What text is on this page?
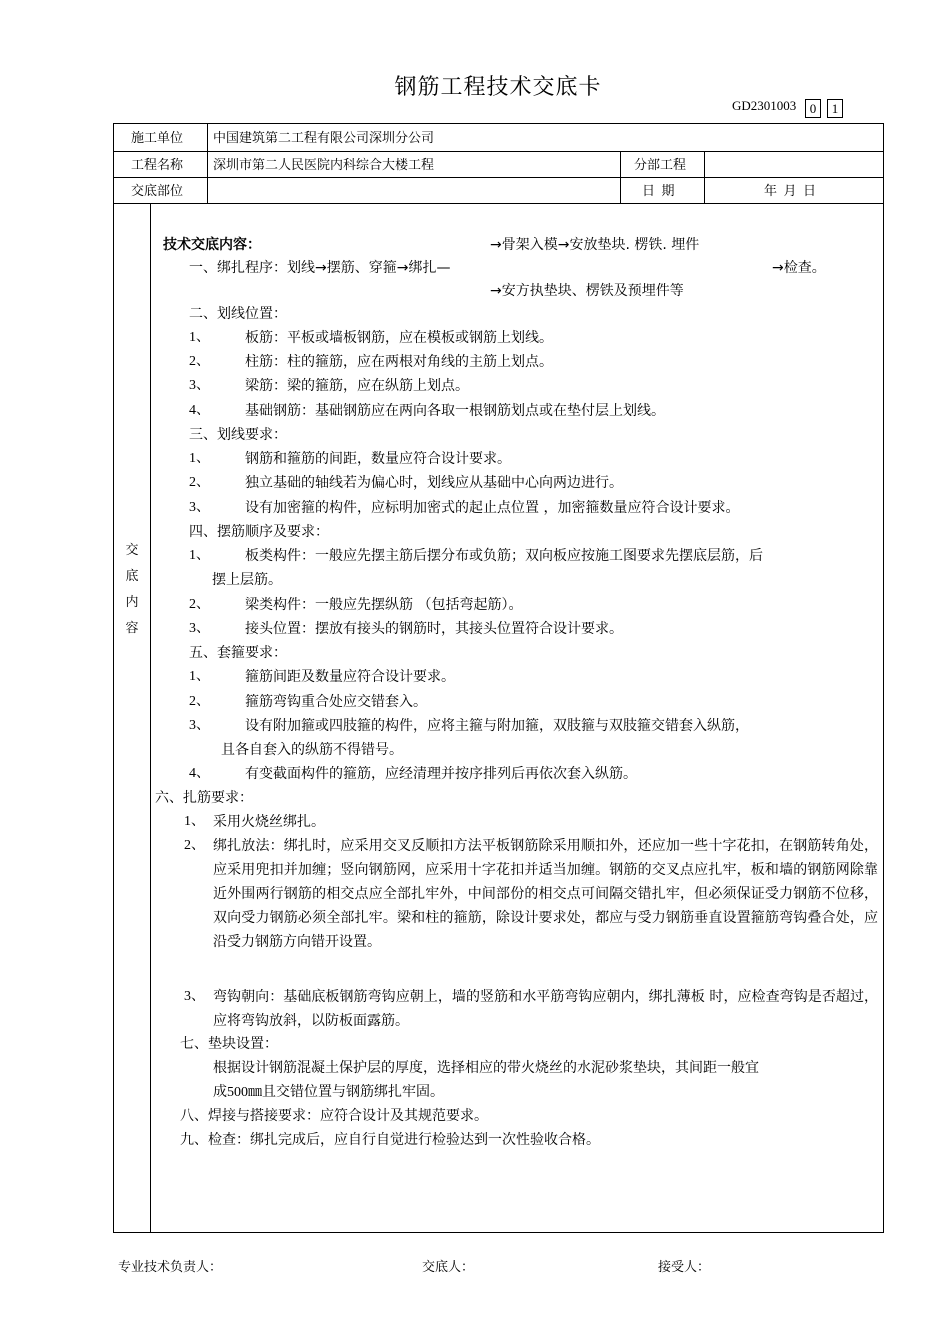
钢筋工程技术交底卡
GD2301003	0	1
施工单位 中国建筑第二工程有限公司深圳分公司
工程名称 深圳市第二人民医院内科综合大楼工程	分部工程
交底部位	日  期	年  月  日
交
底
内
容
技术交底内容：	→骨架入模→安放垫块. 楞铁. 埋件
一、绑扎程序：划线→摆筋、穿箍→绑扎—	→检查。
→安方执垫块、楞铁及预埋件等
二、划线位置：
1、	板筋：平板或墙板钢筋，应在模板或钢筋上划线。
2、	柱筋：柱的箍筋，应在两根对角线的主筋上划点。
3、	梁筋：梁的箍筋，应在纵筋上划点。
4、	基础钢筋：基础钢筋应在两向各取一根钢筋划点或在垫付层上划线。
三、划线要求：
1、	钢筋和箍筋的间距，数量应符合设计要求。
2、	独立基础的轴线若为偏心时，划线应从基础中心向两边进行。
3、	设有加密箍的构件，应标明加密式的起止点位置 ，加密箍数量应符合设计要求。
四、摆筋顺序及要求：
1、	板类构件：一般应先摆主筋后摆分布或负筋；双向板应按施工图要求先摆底层筋，后
摆上层筋。
2、	梁类构件：一般应先摆纵筋 （包括弯起筋）。
3、	接头位置：摆放有接头的钢筋时，其接头位置符合设计要求。
五、套箍要求：
1、	箍筋间距及数量应符合设计要求。
2、	箍筋弯钩重合处应交错套入。
3、	设有附加箍或四肢箍的构件，应将主箍与附加箍，双肢箍与双肢箍交错套入纵筋，
且各自套入的纵筋不得错号。
4、	有变截面构件的箍筋，应经清理并按序排列后再依次套入纵筋。
六、扎筋要求：
1、 采用火烧丝绑扎。
2、 绑扎放法：绑扎时，应采用交叉反顺扣方法平板钢筋除采用顺扣外，还应加一些十字花扣，在钢筋转角处，应采用兜扣并加缠；竖向钢筋网，应采用十字花扣并适当加缠。钢筋的交叉点应扎牢，板和墙的钢筋网除靠近外围两行钢筋的相交点应全部扎牢外，中间部份的相交点可间隔交错扎牢，但必须保证受力钢筋不位移，双向受力钢筋必须全部扎牢。梁和柱的箍筋，除设计要求处，都应与受力钢筋垂直设置箍筋弯钩叠合处，应沿受力钢筋方向错开设置。
3、 弯钩朝向：基础底板钢筋弯钩应朝上，墙的竖筋和水平筋弯钩应朝内，绑扎薄板 时，应检查弯钩是否超过，应将弯钩放斜，以防板面露筋。
七、垫块设置：
根据设计钢筋混凝土保护层的厚度，选择相应的带火烧丝的水泥砂浆垫块，其间距一般宜
成500㎜且交错位置与钢筋绑扎牢固。
八、焊接与搭接要求：应符合设计及其规范要求。
九、检查：绑扎完成后，应自行自觉进行检验达到一次性验收合格。
专业技术负责人：	交底人：	接受人：
